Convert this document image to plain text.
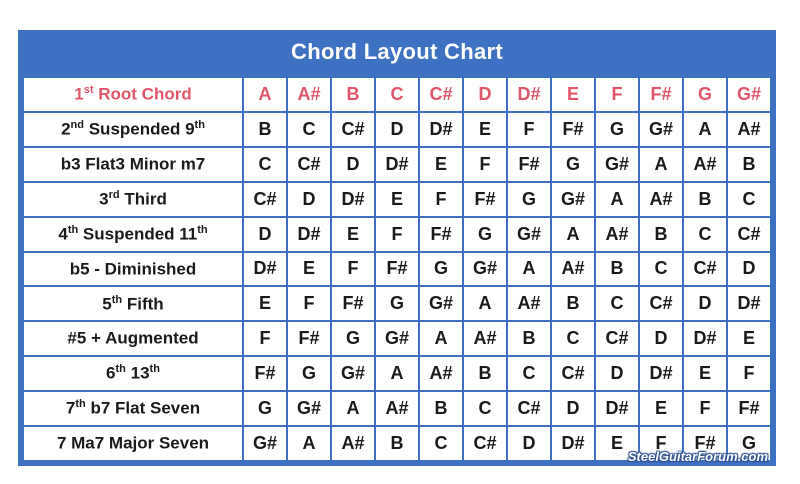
Chord Layout Chart
1st Root Chord	A	A#	B	C	C#	D	D#	E	F	F#	G	G#
2nd Suspended 9th	B	C	C#	D	D#	E	F	F#	G	G#	A	A#
b3 Flat3 Minor m7	C	C#	D	D#	E	F	F#	G	G#	A	A#	B
3rd Third	C#	D	D#	E	F	F#	G	G#	A	A#	B	C
4th Suspended 11th	D	D#	E	F	F#	G	G#	A	A#	B	C	C#
b5 - Diminished	D#	E	F	F#	G	G#	A	A#	B	C	C#	D
5th Fifth	E	F	F#	G	G#	A	A#	B	C	C#	D	D#
#5 + Augmented	F	F#	G	G#	A	A#	B	C	C#	D	D#	E
6th 13th	F#	G	G#	A	A#	B	C	C#	D	D#	E	F
7th b7 Flat Seven	G	G#	A	A#	B	C	C#	D	D#	E	F	F#
7 Ma7 Major Seven	G#	A	A#	B	C	C#	D	D#	E	F	F#	G
SteelGuitarForum.com
